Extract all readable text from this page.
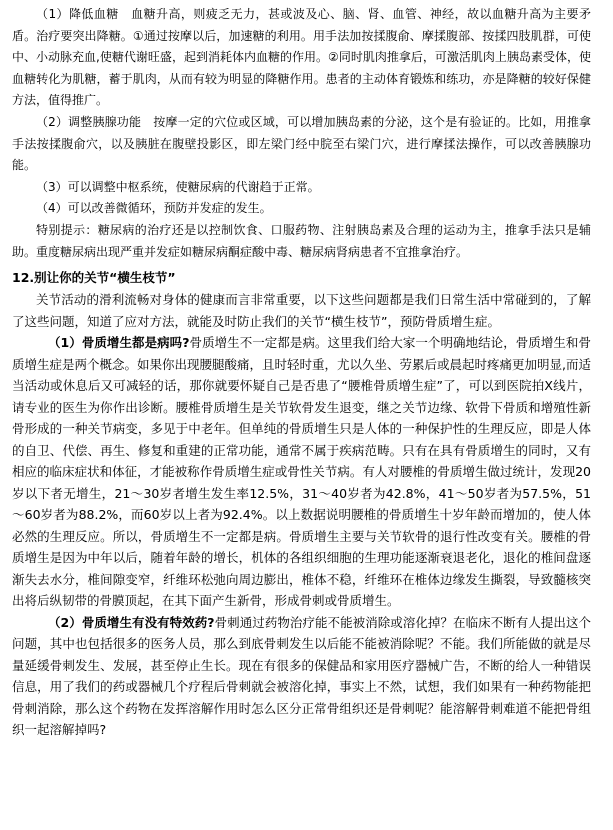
（1）降低血糖　血糖升高，则疲乏无力，甚或波及心、脑、肾、血管、神经，故以血糖升高为主要矛盾。治疗要突出降糖。①通过按摩以后，加速糖的利用。用手法加按揉腹俞、摩揉腹部、按揉四肢肌群，可使中、小动脉充血,使糖代谢旺盛，起到消耗体内血糖的作用。②同时肌肉推拿后，可激活肌肉上胰岛素受体，使血糖转化为肌糖，蓄于肌肉，从而有较为明显的降糖作用。患者的主动体育锻炼和练功，亦是降糖的较好保健方法，值得推广。

（2）调整胰腺功能　按摩一定的穴位或区域，可以增加胰岛素的分泌，这个是有验证的。比如，用推拿手法按揉腹俞穴，以及胰脏在腹壁投影区，即左梁门经中脘至右梁门穴，进行摩揉法操作，可以改善胰腺功能。

（3）可以调整中枢系统，使糖尿病的代谢趋于正常。

（4）可以改善微循环，预防并发症的发生。

特别提示：糖尿病的治疗还是以控制饮食、口服药物、注射胰岛素及合理的运动为主，推拿手法只是辅助。重度糖尿病出现严重并发症如糖尿病酮症酸中毒、糖尿病肾病患者不宜推拿治疗。

12.别让你的关节“横生枝节”

关节活动的滑利流畅对身体的健康而言非常重要，以下这些问题都是我们日常生活中常碰到的，了解了这些问题，知道了应对方法，就能及时防止我们的关节“横生枝节”，预防骨质增生症。

（1）骨质增生都是病吗?骨质增生不一定都是病。这里我们给大家一个明确地结论，骨质增生和骨质增生症是两个概念。如果你出现腰腿酸痛，且时轻时重，尤以久坐、劳累后或晨起时疼痛更加明显,而适当活动或休息后又可减轻的话，那你就要怀疑自己是否患了“腰椎骨质增生症”了，可以到医院拍X线片，请专业的医生为你作出诊断。腰椎骨质增生是关节软骨发生退变，继之关节边缘、软骨下骨质和增殖性新骨形成的一种关节病变，多见于中老年。但单纯的骨质增生只是人体的一种保护性的生理反应，即是人体的自卫、代偿、再生、修复和重建的正常功能，通常不属于疾病范畴。只有在具有骨质增生的同时，又有相应的临床症状和体征，才能被称作骨质增生症或骨性关节病。有人对腰椎的骨质增生做过统计，发现20岁以下者无增生，21～30岁者增生发生率12.5%，31～40岁者为42.8%，41～50岁者为57.5%，51～60岁者为88.2%，而60岁以上者为92.4%。以上数据说明腰椎的骨质增生十岁年龄而增加的，使人体必然的生理反应。所以，骨质增生不一定都是病。骨质增生主要与关节软骨的退行性改变有关。腰椎的骨质增生是因为中年以后，随着年龄的增长，机体的各组织细胞的生理功能逐渐衰退老化，退化的椎间盘逐渐失去水分，椎间隙变窄，纤维环松弛向周边膨出，椎体不稳，纤维环在椎体边缘发生撕裂，导致髓核突出将后纵韧带的骨膜顶起，在其下面产生新骨，形成骨刺或骨质增生。

（2）骨质增生有没有特效药?骨刺通过药物治疗能不能被消除或溶化掉？在临床不断有人提出这个问题，其中也包括很多的医务人员，那么到底骨刺发生以后能不能被消除呢？不能。我们所能做的就是尽量延缓骨刺发生、发展，甚至停止生长。现在有很多的保健品和家用医疗器械广告，不断的给人一种错误信息，用了我们的药或器械几个疗程后骨刺就会被溶化掉，事实上不然，试想，我们如果有一种药物能把骨刺消除，那么这个药物在发挥溶解作用时怎么区分正常骨组织还是骨刺呢？能溶解骨刺难道不能把骨组织一起溶解掉吗?
